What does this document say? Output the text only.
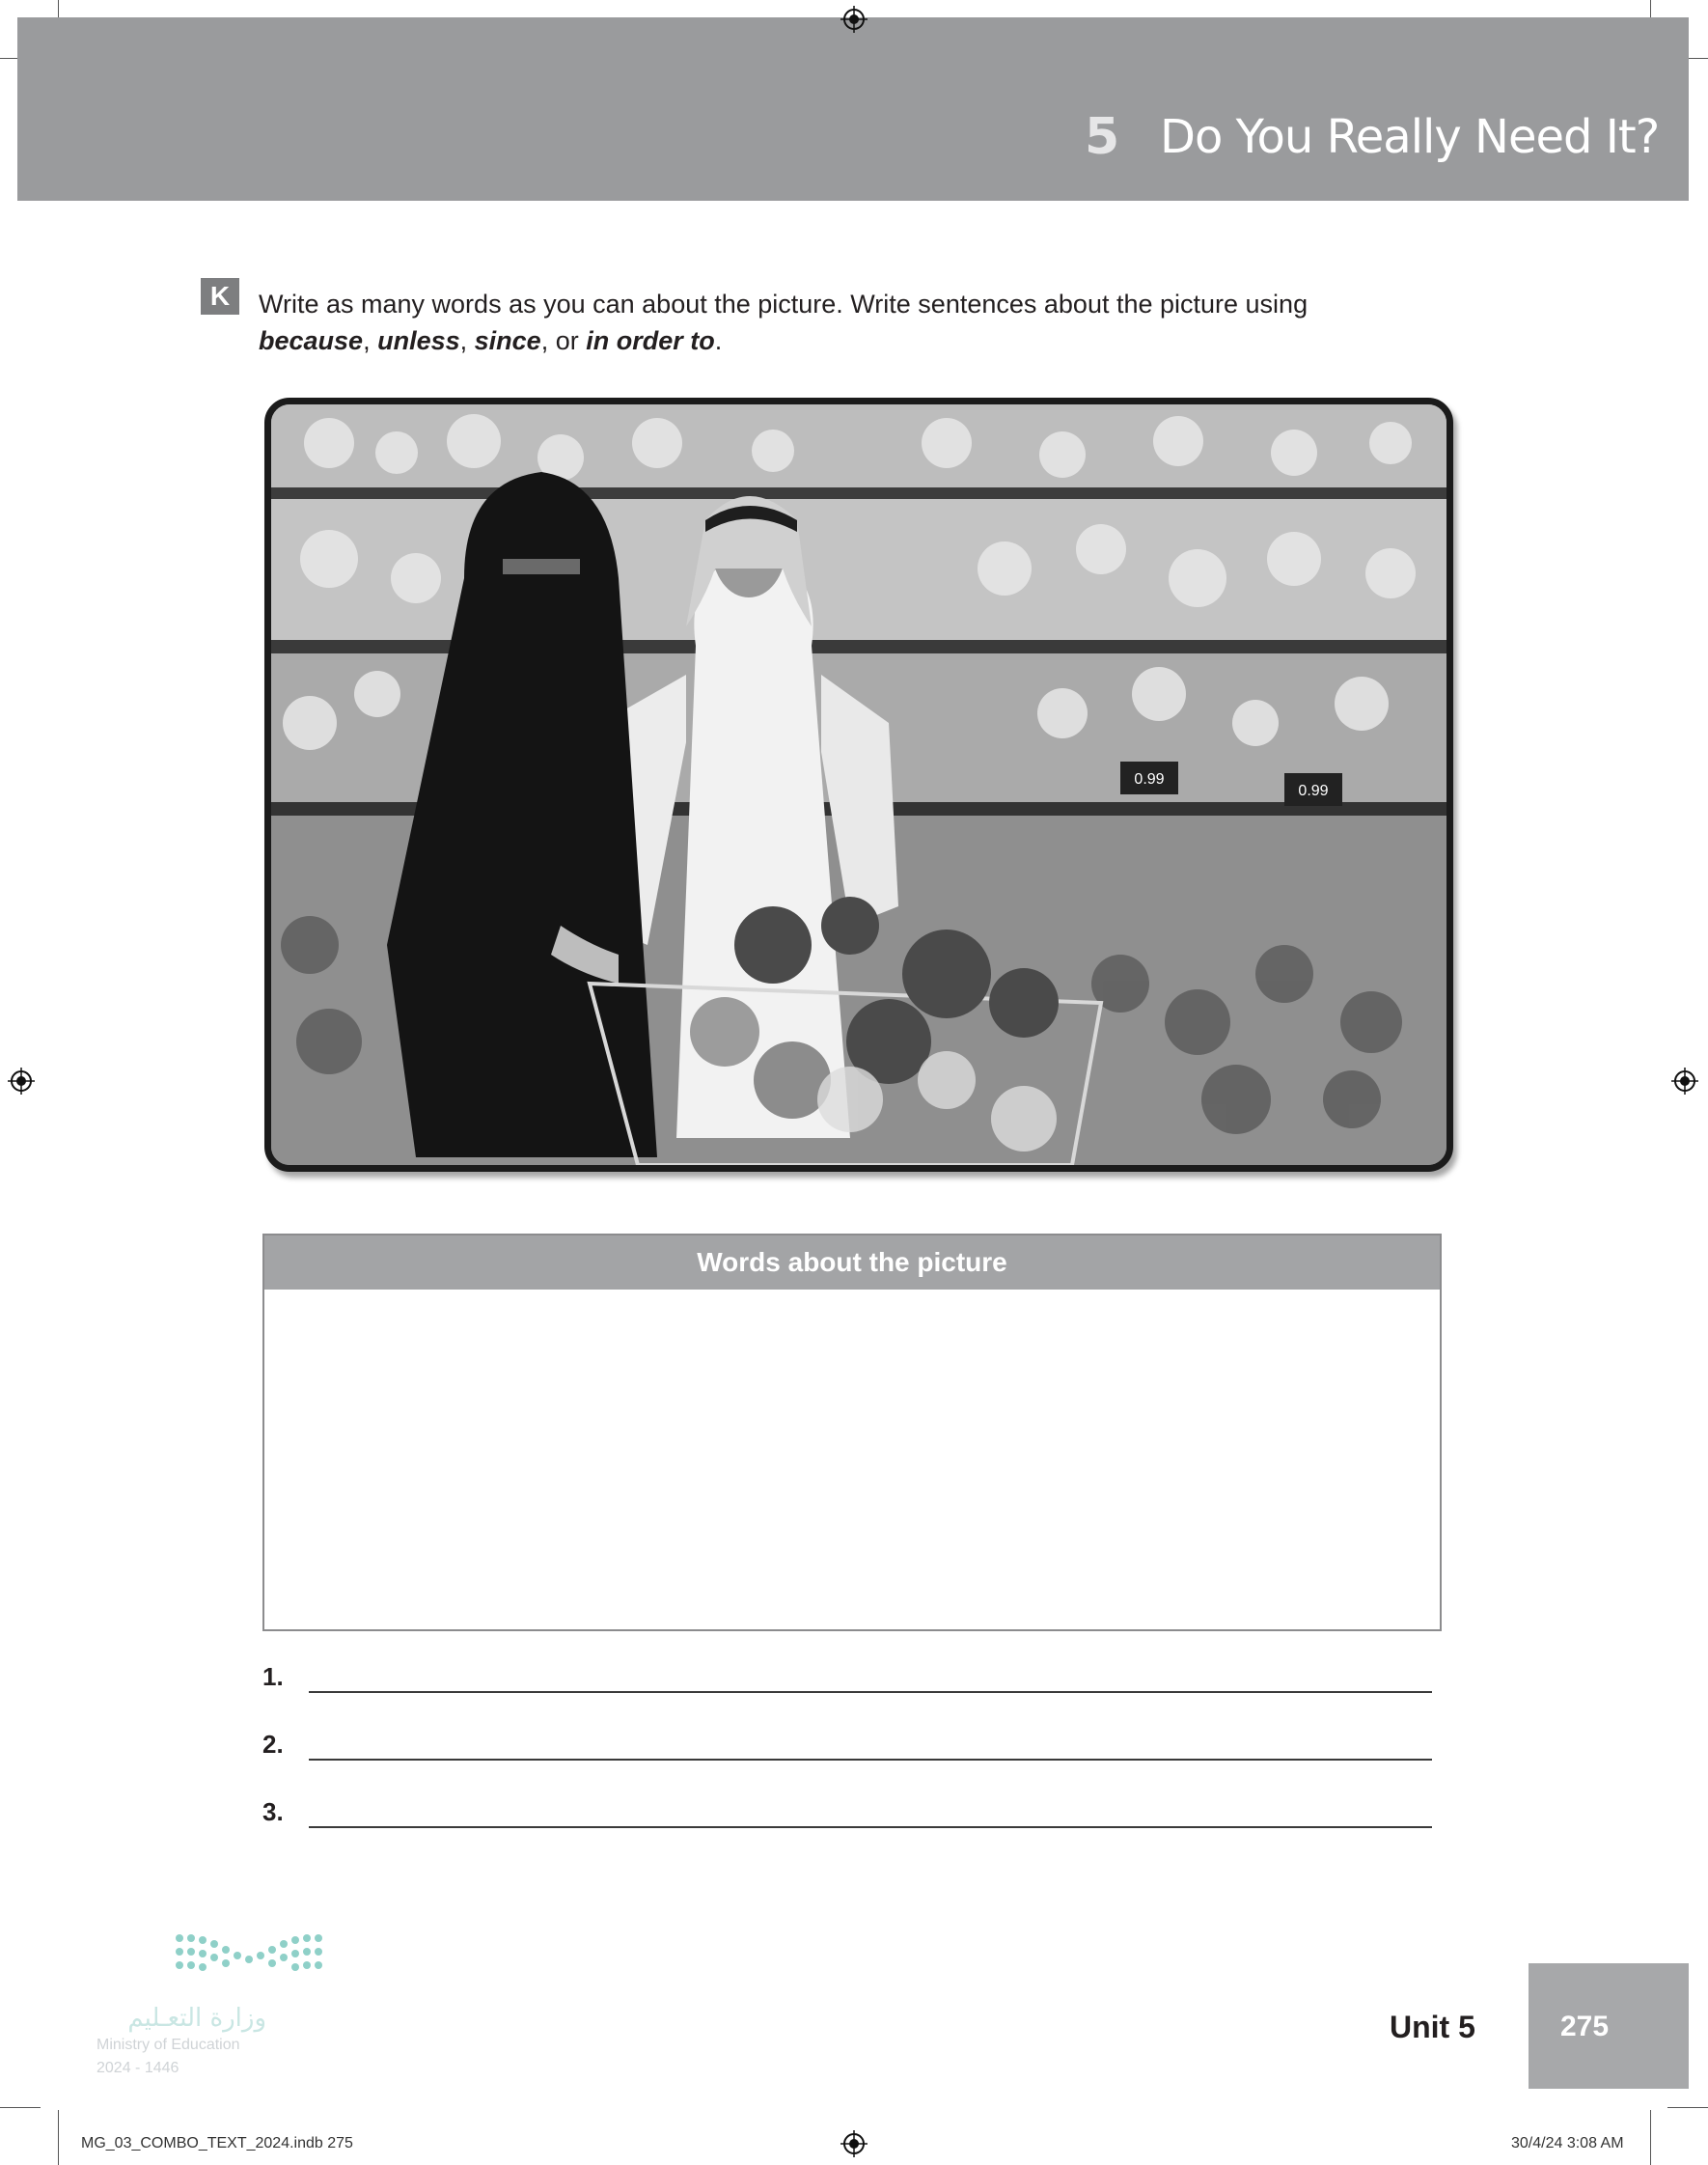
5 Do You Really Need It?
K	Write as many words as you can about the picture. Write sentences about the picture using
because, unless, since, or in order to.
0.99
0.99
Words about the picture
1.
2.
3.
وزارة التعـليم
Ministry of Education
2024 - 1446
Unit 5	275
MG_03_COMBO_TEXT_2024.indb 275	30/4/24 3:08 AM
